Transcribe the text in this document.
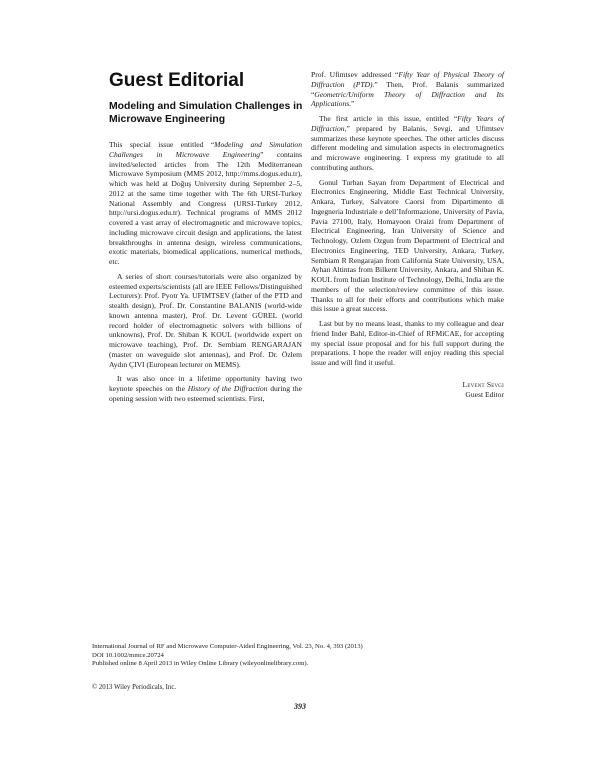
Guest Editorial
Modeling and Simulation Challenges in Microwave Engineering

This special issue entitled “Modeling and Simulation Challenges in Microwave Engineering” contains invited/selected articles from The 12th Mediterranean Microwave Symposium (MMS 2012, http://mms.dogus.edu.tr), which was held at Doğuş University during September 2–5, 2012 at the same time together with The 6th URSI-Turkey National Assembly and Congress (URSI-Turkey 2012, http://ursi.dogus.edu.tr). Technical programs of MMS 2012 covered a vast array of electromagnetic and microwave topics, including microwave circuit design and applications, the latest breakthroughs in antenna design, wireless communications, exotic materials, biomedical applications, numerical methods, etc.

A series of short courses/tutorials were also organized by esteemed experts/scientists (all are IEEE Fellows/Distinguished Lecturers): Prof. Pyotr Ya. UFIMTSEV (father of the PTD and stealth design), Prof. Dr. Constantine BALANIS (world-wide known antenna master), Prof. Dr. Levent GÜREL (world record holder of electromagnetic solvers with billions of unknowns), Prof. Dr. Shiban K KOUL (worldwide expert on microwave teaching), Prof. Dr. Sembiam RENGARAJAN (master on waveguide slot antennas), and Prof. Dr. Özlem Aydın ÇIVI (European lecturer on MEMS).

It was also once in a lifetime opportunity having two keynote speeches on the History of the Diffraction during the opening session with two esteemed scientists. First,

Prof. Ufimtsev addressed “Fifty Year of Physical Theory of Diffraction (PTD).” Then, Prof. Balanis summarized “Geometric/Uniform Theory of Diffraction and Its Applications.”

The first article in this issue, entitled “Fifty Years of Diffraction,” prepared by Balanis, Sevgi, and Ufimtsev summarizes these keynote speeches. The other articles discuss different modeling and simulation aspects in electromagnetics and microwave engineering. I express my gratitude to all contributing authors.

Gonul Turhan Sayan from Department of Electrical and Electronics Engineering, Middle East Technical University, Ankara, Turkey, Salvatore Caorsi from Dipartimento di Ingegneria Industriale e dell’Informazione, University of Pavia, Pavia 27100, Italy, Homayoon Oraizi from Department of Electrical Engineering, Iran University of Science and Technology, Ozlem Ozgun from Department of Electrical and Electronics Engineering, TED University, Ankara, Turkey, Sembiam R Rengarajan from California State University, USA, Ayhan Altintas from Bilkent University, Ankara, and Shiban K. KOUL from Indian Institute of Technology, Delhi, India are the members of the selection/review committee of this issue. Thanks to all for their efforts and contributions which make this issue a great success.

Last but by no means least, thanks to my colleague and dear friend Inder Bahl, Editor-in-Chief of RFMiCAE, for accepting my special issue proposal and for his full support during the preparations. I hope the reader will enjoy reading this special issue and will find it useful.

Levent Sevgi
Guest Editor
International Journal of RF and Microwave Computer-Aided Engineering, Vol. 23, No. 4, 393 (2013)
DOI 10.1002/mmce.20724
Published online 8 April 2013 in Wiley Online Library (wileyonlinelibrary.com).
© 2013 Wiley Periodicals, Inc.
393
